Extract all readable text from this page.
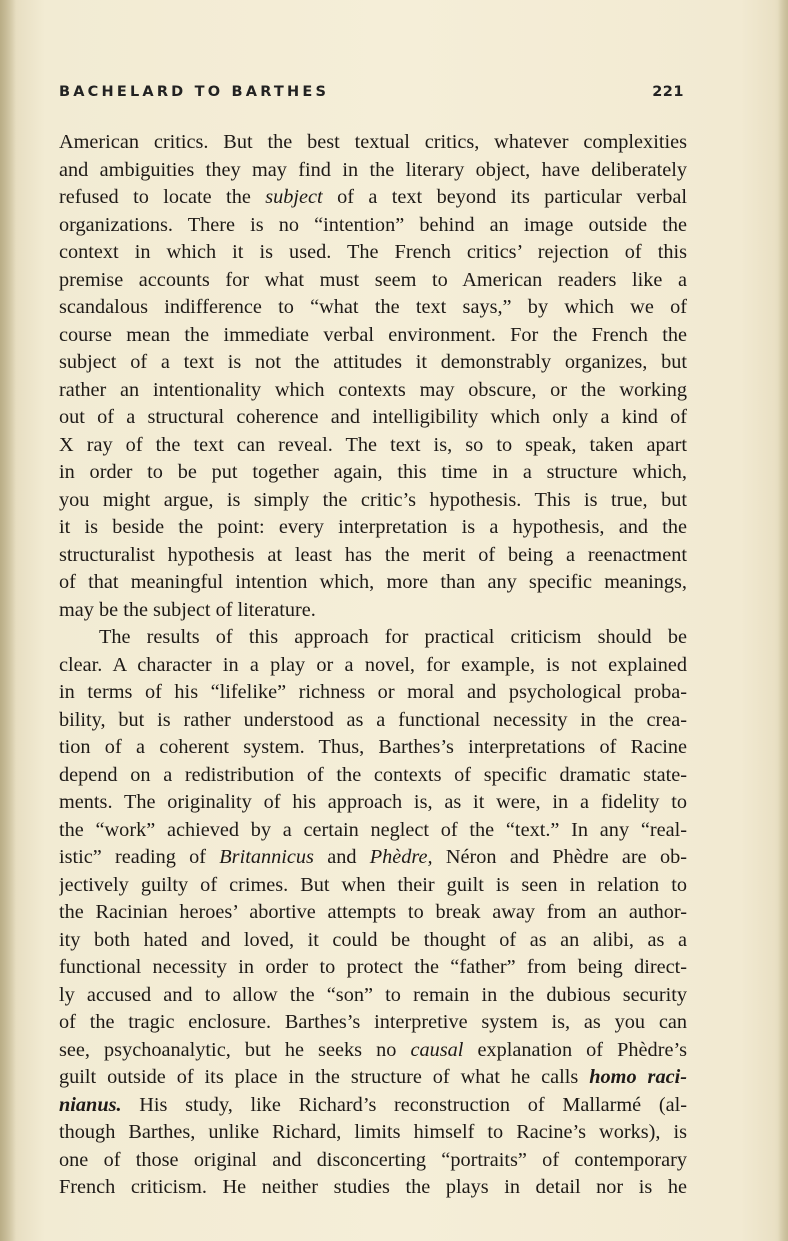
BACHELARD TO BARTHES	221
American critics. But the best textual critics, whatever complexities
and ambiguities they may find in the literary object, have deliberately
refused to locate the subject of a text beyond its particular verbal
organizations. There is no “intention” behind an image outside the
context in which it is used. The French critics’ rejection of this
premise accounts for what must seem to American readers like a
scandalous indifference to “what the text says,” by which we of
course mean the immediate verbal environment. For the French the
subject of a text is not the attitudes it demonstrably organizes, but
rather an intentionality which contexts may obscure, or the working
out of a structural coherence and intelligibility which only a kind of
X ray of the text can reveal. The text is, so to speak, taken apart
in order to be put together again, this time in a structure which,
you might argue, is simply the critic’s hypothesis. This is true, but
it is beside the point: every interpretation is a hypothesis, and the
structuralist hypothesis at least has the merit of being a reenactment
of that meaningful intention which, more than any specific meanings,
may be the subject of literature.
The results of this approach for practical criticism should be
clear. A character in a play or a novel, for example, is not explained
in terms of his “lifelike” richness or moral and psychological proba-
bility, but is rather understood as a functional necessity in the crea-
tion of a coherent system. Thus, Barthes’s interpretations of Racine
depend on a redistribution of the contexts of specific dramatic state-
ments. The originality of his approach is, as it were, in a fidelity to
the “work” achieved by a certain neglect of the “text.” In any “real-
istic” reading of Britannicus and Phèdre, Néron and Phèdre are ob-
jectively guilty of crimes. But when their guilt is seen in relation to
the Racinian heroes’ abortive attempts to break away from an author-
ity both hated and loved, it could be thought of as an alibi, as a
functional necessity in order to protect the “father” from being direct-
ly accused and to allow the “son” to remain in the dubious security
of the tragic enclosure. Barthes’s interpretive system is, as you can
see, psychoanalytic, but he seeks no causal explanation of Phèdre’s
guilt outside of its place in the structure of what he calls homo raci-
nianus. His study, like Richard’s reconstruction of Mallarmé (al-
though Barthes, unlike Richard, limits himself to Racine’s works), is
one of those original and disconcerting “portraits” of contemporary
French criticism. He neither studies the plays in detail nor is he
